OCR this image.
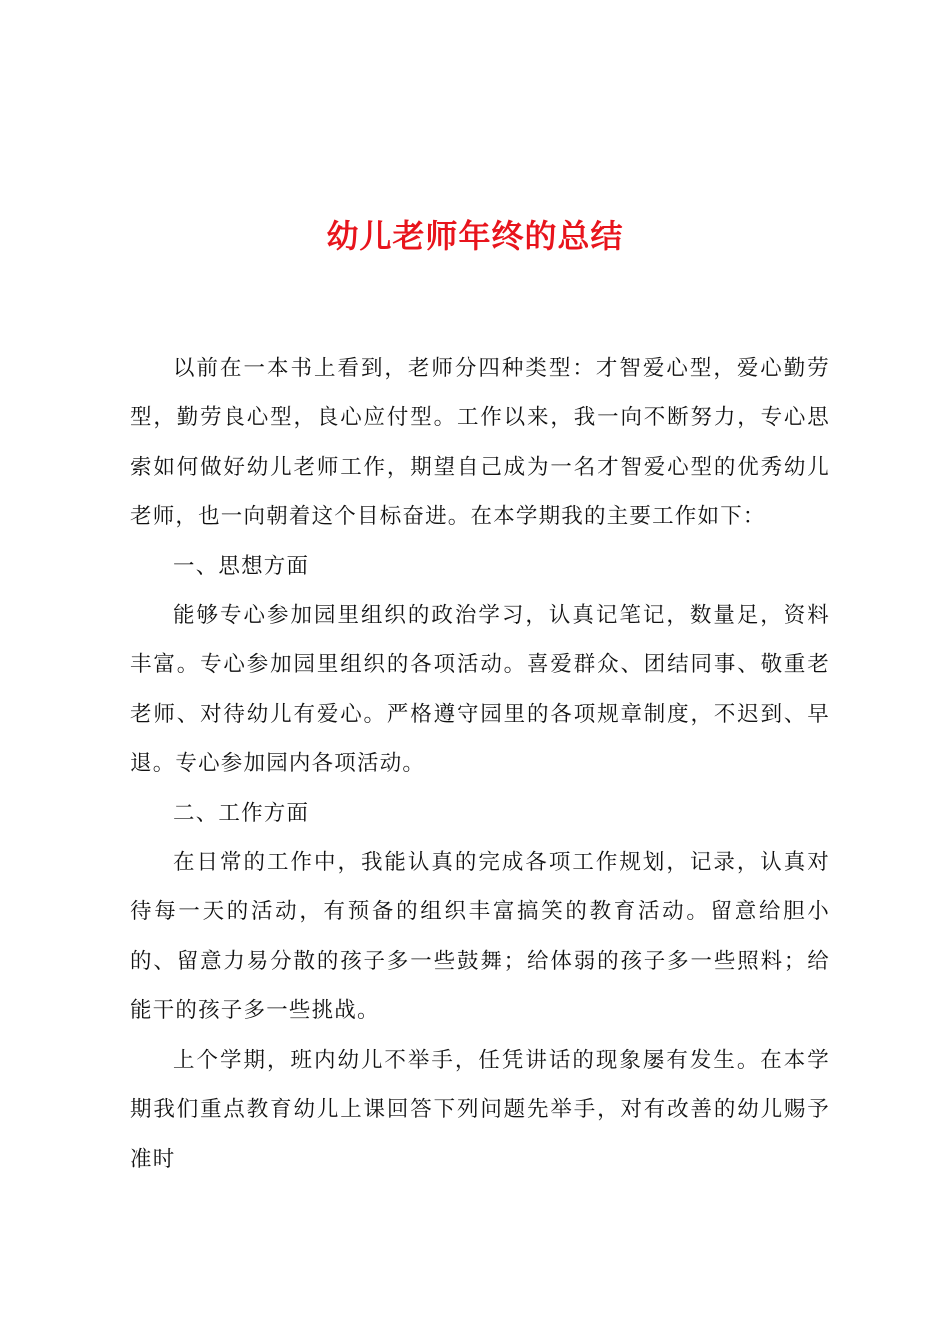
幼儿老师年终的总结

以前在一本书上看到，老师分四种类型：才智爱心型，爱心勤劳型，勤劳良心型，良心应付型。工作以来，我一向不断努力，专心思索如何做好幼儿老师工作，期望自己成为一名才智爱心型的优秀幼儿老师，也一向朝着这个目标奋进。在本学期我的主要工作如下：

一、思想方面

能够专心参加园里组织的政治学习，认真记笔记，数量足，资料丰富。专心参加园里组织的各项活动。喜爱群众、团结同事、敬重老老师、对待幼儿有爱心。严格遵守园里的各项规章制度，不迟到、早退。专心参加园内各项活动。

二、工作方面

在日常的工作中，我能认真的完成各项工作规划，记录，认真对待每一天的活动，有预备的组织丰富搞笑的教育活动。留意给胆小的、留意力易分散的孩子多一些鼓舞；给体弱的孩子多一些照料；给能干的孩子多一些挑战。

上个学期，班内幼儿不举手，任凭讲话的现象屡有发生。在本学期我们重点教育幼儿上课回答下列问题先举手，对有改善的幼儿赐予准时
